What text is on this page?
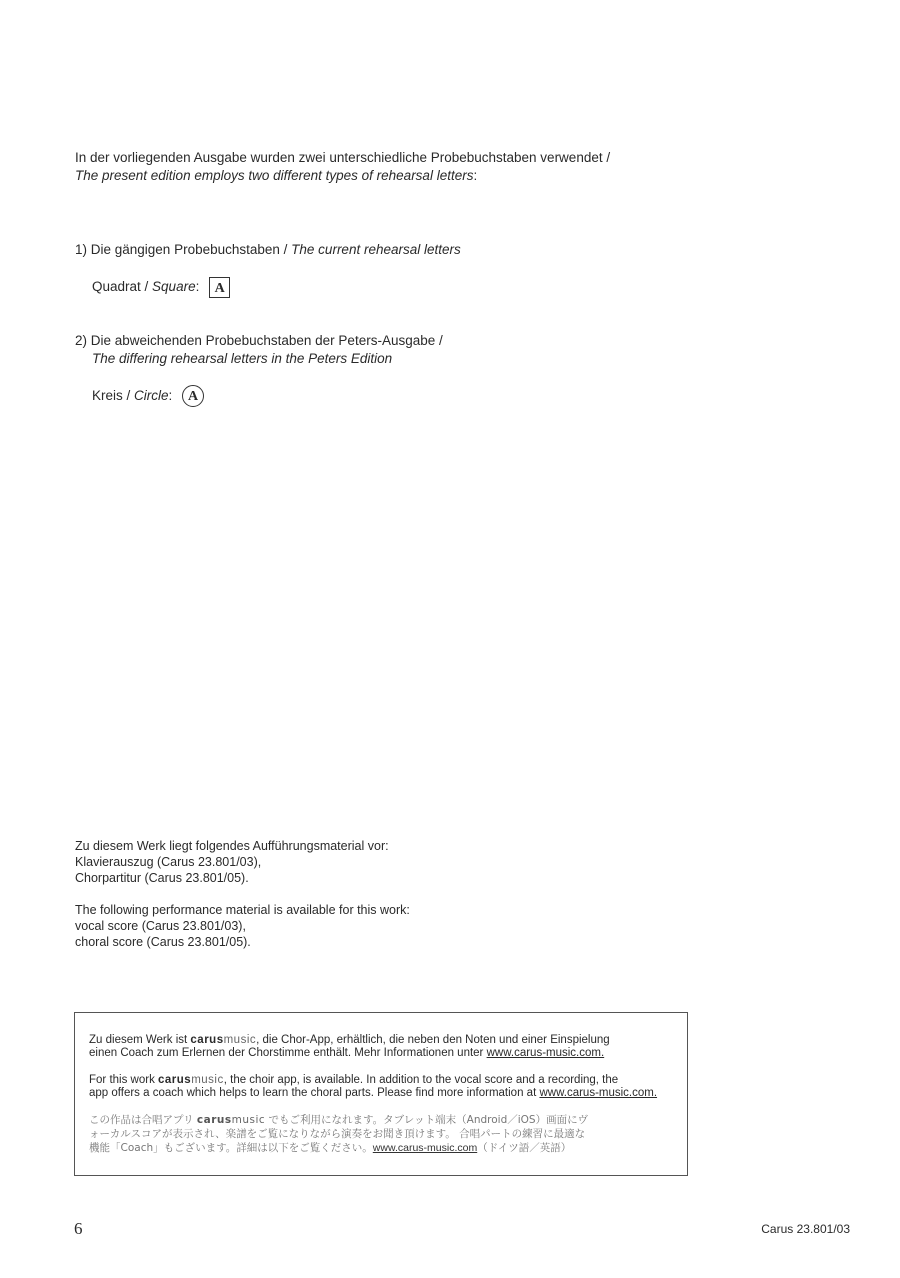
In der vorliegenden Ausgabe wurden zwei unterschiedliche Probebuchstaben verwendet /
The present edition employs two different types of rehearsal letters:
1) Die gängigen Probebuchstaben / The current rehearsal letters
Quadrat / Square: A
2) Die abweichenden Probebuchstaben der Peters-Ausgabe /
The differing rehearsal letters in the Peters Edition
Kreis / Circle: A
Zu diesem Werk liegt folgendes Aufführungsmaterial vor:
Klavierauszug (Carus 23.801/03),
Chorpartitur (Carus 23.801/05).
The following performance material is available for this work:
vocal score (Carus 23.801/03),
choral score (Carus 23.801/05).
Zu diesem Werk ist carusmusic, die Chor-App, erhältlich, die neben den Noten und einer Einspielung
einen Coach zum Erlernen der Chorstimme enthält. Mehr Informationen unter www.carus-music.com.
For this work carusmusic, the choir app, is available. In addition to the vocal score and a recording, the
app offers a coach which helps to learn the choral parts. Please find more information at www.carus-music.com.
この作品は合唱アプリ carusmusic でもご利用になれます。タブレット端末（Android／iOS）画面にヴ
ォーカルスコアが表示され、楽譜をご覧になりながら演奏をお聞き頂けます。 合唱パートの練習に最適な
機能「Coach」もございます。詳細は以下をご覧ください。www.carus-music.com（ドイツ語／英語）
6	Carus 23.801/03
